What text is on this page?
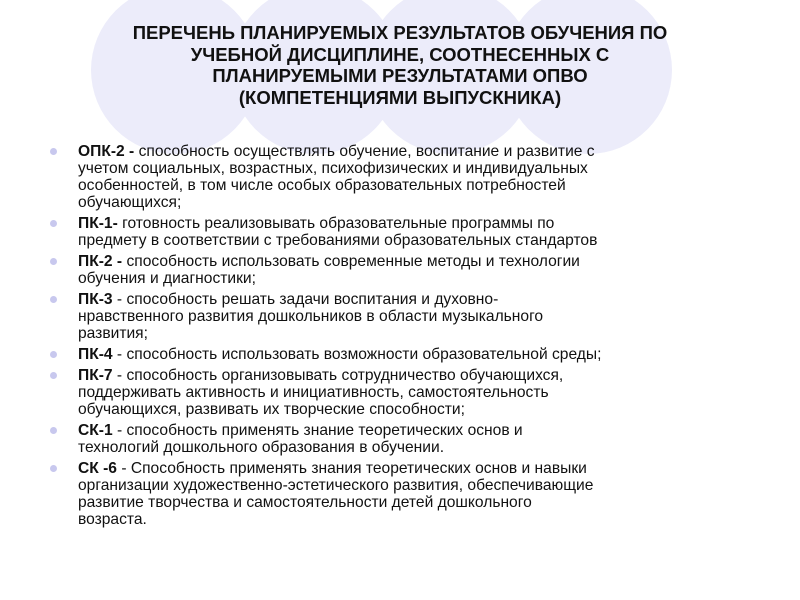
ПЕРЕЧЕНЬ ПЛАНИРУЕМЫХ РЕЗУЛЬТАТОВ ОБУЧЕНИЯ ПО
УЧЕБНОЙ ДИСЦИПЛИНЕ, СООТНЕСЕННЫХ С
ПЛАНИРУЕМЫМИ РЕЗУЛЬТАТАМИ ОПВО
(КОМПЕТЕНЦИЯМИ ВЫПУСКНИКА)
ОПК-2 - способность осуществлять обучение, воспитание и развитие с
учетом социальных, возрастных, психофизических и индивидуальных
особенностей, в том числе особых образовательных потребностей
обучающихся;
ПК-1- готовность реализовывать образовательные программы по
предмету в соответствии с требованиями образовательных стандартов
ПК-2 - способность использовать современные методы и технологии
обучения и диагностики;
ПК-3 - способность решать задачи воспитания и духовно-
нравственного развития дошкольников в области музыкального
развития;
ПК-4 - способность использовать возможности образовательной среды;
ПК-7 - способность организовывать сотрудничество обучающихся,
поддерживать активность и инициативность, самостоятельность
обучающихся, развивать их творческие способности;
СК-1 - способность применять знание теоретических основ и
технологий дошкольного образования в обучении.
СК -6 - Способность применять знания теоретических основ и навыки
организации художественно-эстетического развития, обеспечивающие
развитие творчества и самостоятельности детей дошкольного
возраста.
